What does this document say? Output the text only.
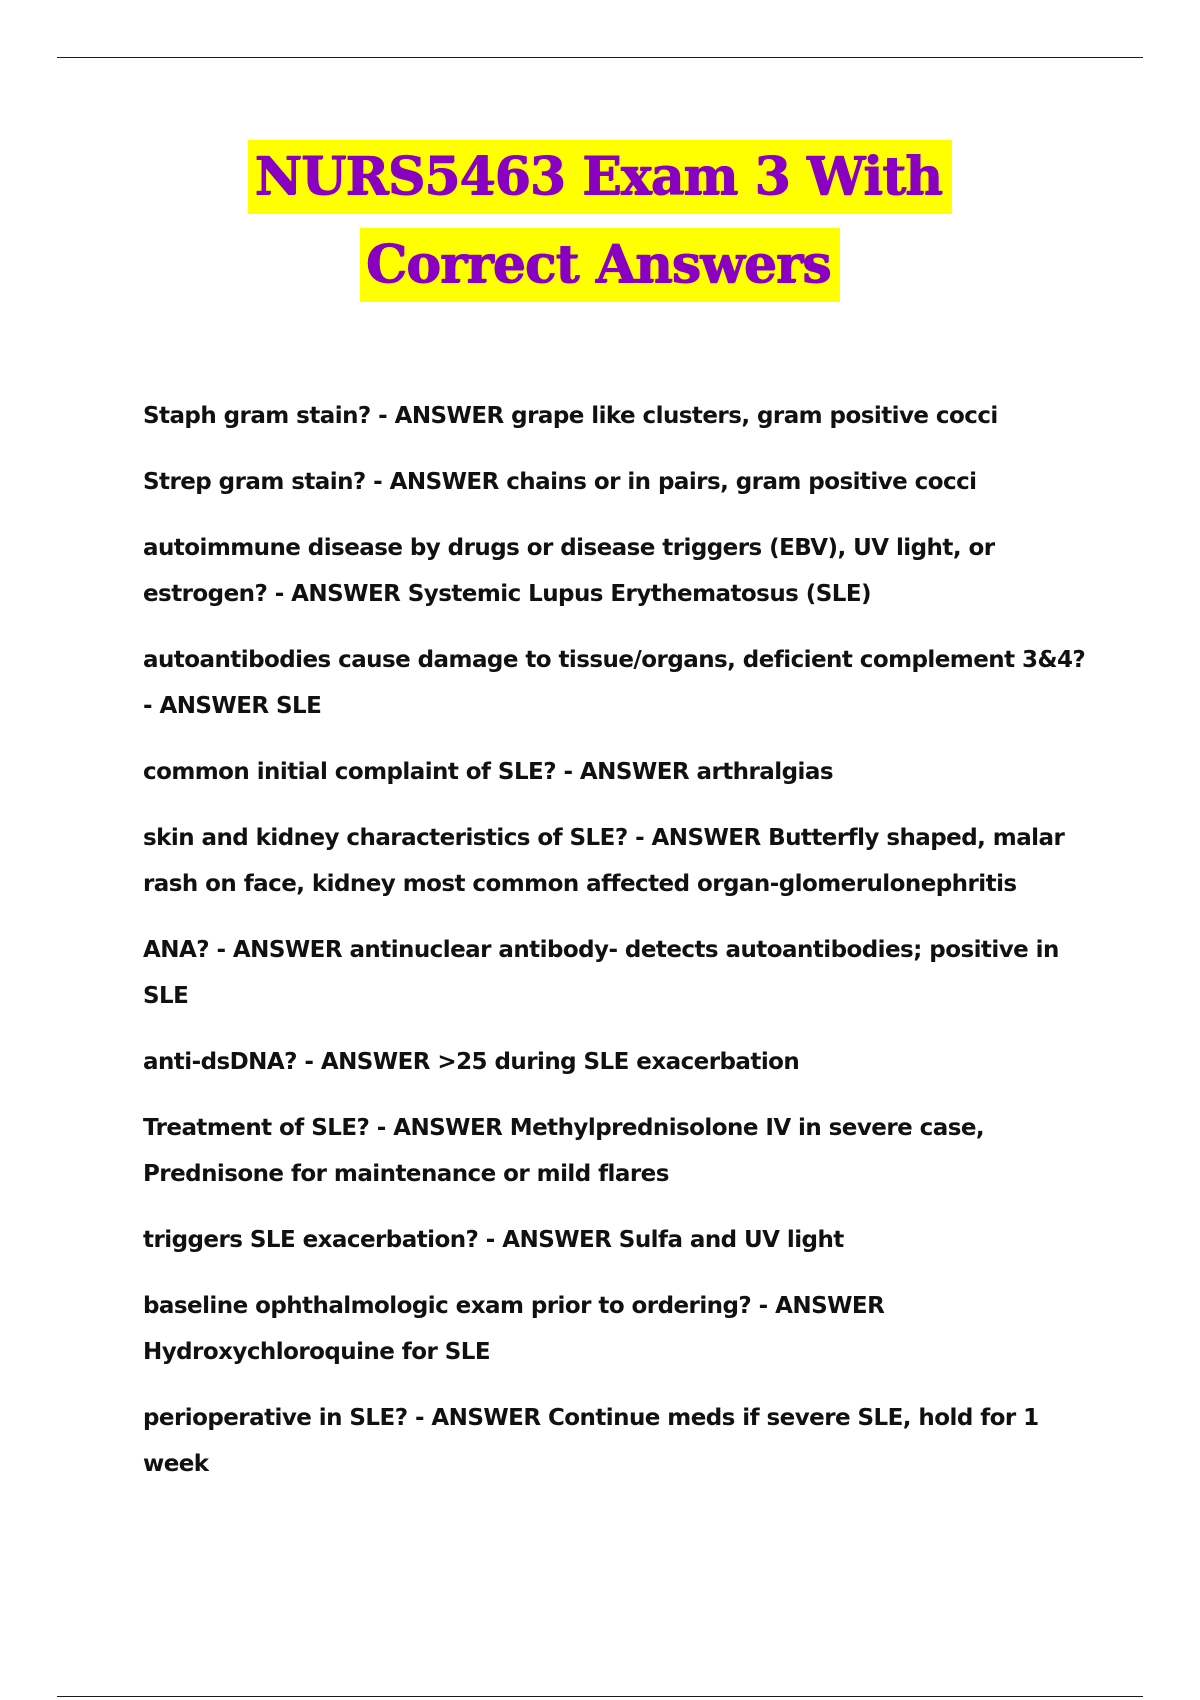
NURS5463 Exam 3 With
Correct Answers
Staph gram stain? - ANSWER grape like clusters, gram positive cocci
Strep gram stain? - ANSWER chains or in pairs, gram positive cocci
autoimmune disease by drugs or disease triggers (EBV), UV light, or estrogen? - ANSWER Systemic Lupus Erythematosus (SLE)
autoantibodies cause damage to tissue/organs, deficient complement 3&4? - ANSWER SLE
common initial complaint of SLE? - ANSWER arthralgias
skin and kidney characteristics of SLE? - ANSWER Butterfly shaped, malar rash on face, kidney most common affected organ-glomerulonephritis
ANA? - ANSWER antinuclear antibody- detects autoantibodies; positive in SLE
anti-dsDNA? - ANSWER >25 during SLE exacerbation
Treatment of SLE? - ANSWER Methylprednisolone IV in severe case, Prednisone for maintenance or mild flares
triggers SLE exacerbation? - ANSWER Sulfa and UV light
baseline ophthalmologic exam prior to ordering? - ANSWER Hydroxychloroquine for SLE
perioperative in SLE? - ANSWER Continue meds if severe SLE, hold for 1 week
